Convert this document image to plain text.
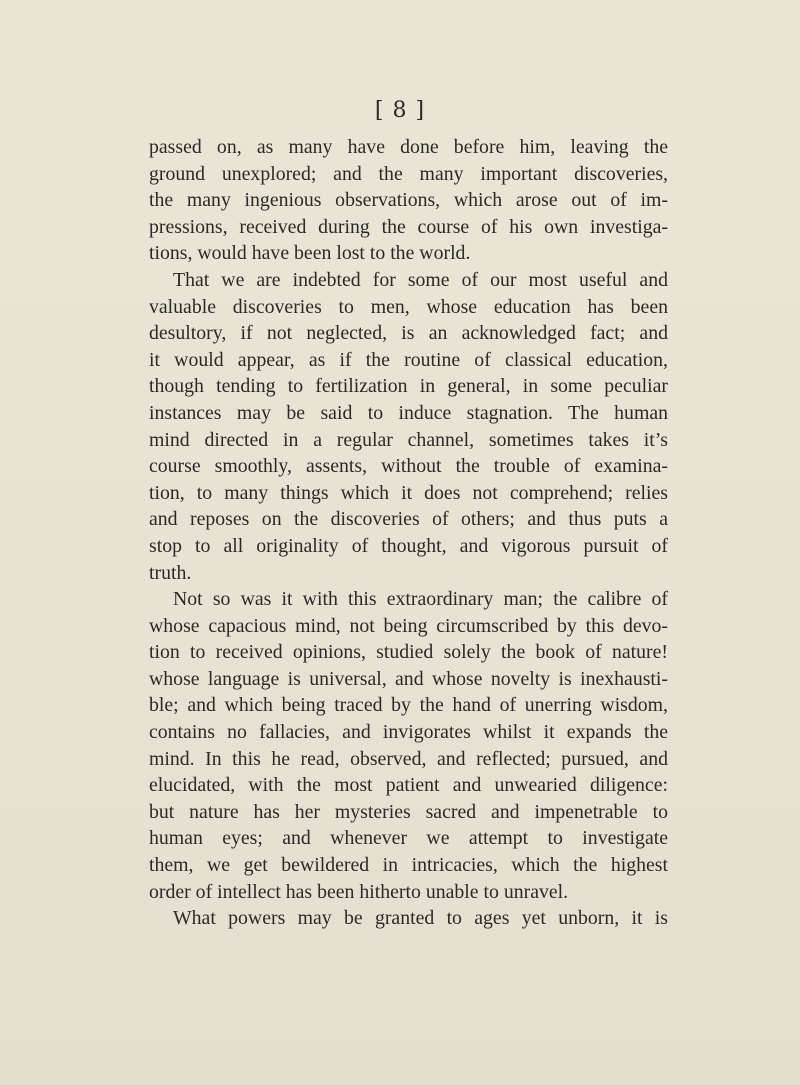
[ 8 ]
passed on, as many have done before him, leaving the
ground unexplored; and the many important discoveries,
the many ingenious observations, which arose out of im-
pressions, received during the course of his own investiga-
tions, would have been lost to the world.
That we are indebted for some of our most useful and
valuable discoveries to men, whose education has been
desultory, if not neglected, is an acknowledged fact; and
it would appear, as if the routine of classical education,
though tending to fertilization in general, in some peculiar
instances may be said to induce stagnation. The human
mind directed in a regular channel, sometimes takes it’s
course smoothly, assents, without the trouble of examina-
tion, to many things which it does not comprehend; relies
and reposes on the discoveries of others; and thus puts a
stop to all originality of thought, and vigorous pursuit of
truth.
Not so was it with this extraordinary man; the calibre of
whose capacious mind, not being circumscribed by this devo-
tion to received opinions, studied solely the book of nature!
whose language is universal, and whose novelty is inexhausti-
ble; and which being traced by the hand of unerring wisdom,
contains no fallacies, and invigorates whilst it expands the
mind. In this he read, observed, and reflected; pursued, and
elucidated, with the most patient and unwearied diligence:
but nature has her mysteries sacred and impenetrable to
human eyes; and whenever we attempt to investigate
them, we get bewildered in intricacies, which the highest
order of intellect has been hitherto unable to unravel.
What powers may be granted to ages yet unborn, it is
